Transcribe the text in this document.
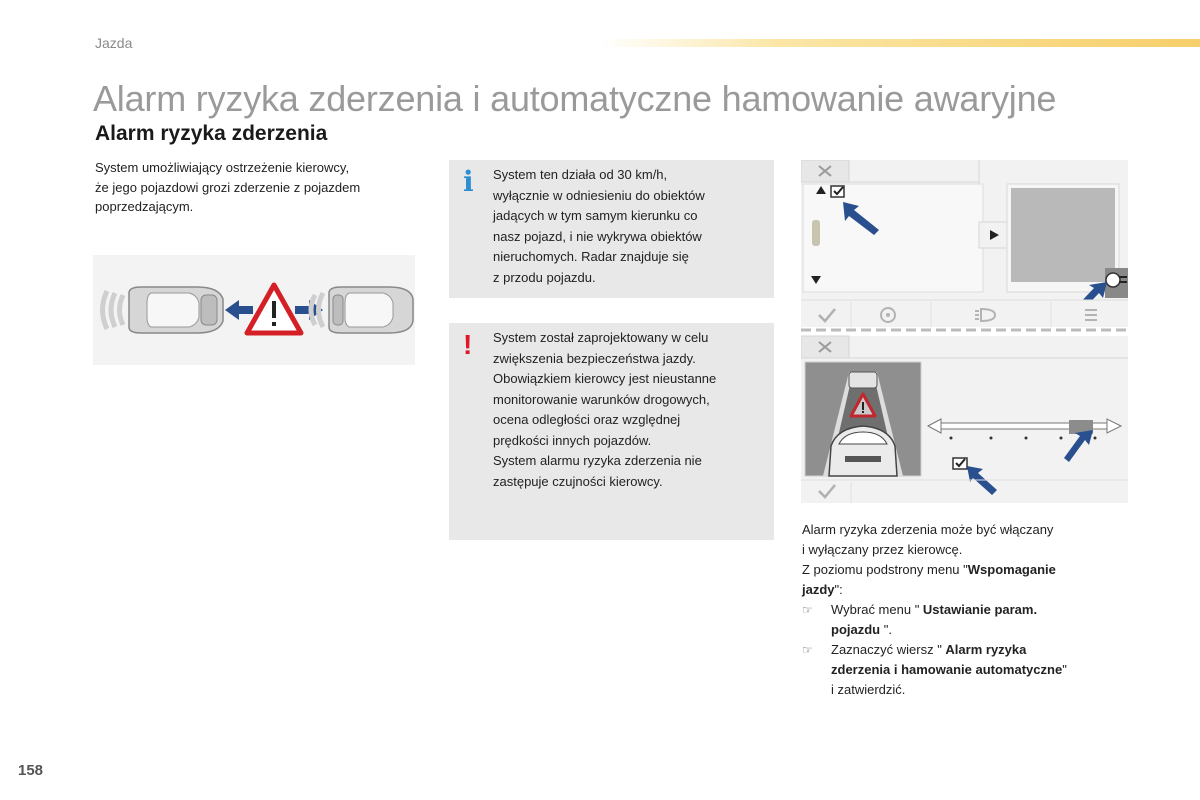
Jazda
Alarm ryzyka zderzenia i automatyczne hamowanie awaryjne
Alarm ryzyka zderzenia

System umożliwiający ostrzeżenie kierowcy,

że jego pojazdowi grozi zderzenie z pojazdem

poprzedzającym.

i System ten działa od 30 km/h,

wyłącznie w odniesieniu do obiektów

jadących w tym samym kierunku co

nasz pojazd, i nie wykrywa obiektów

nieruchomych. Radar znajduje się

z przodu pojazdu.

! System został zaprojektowany w celu

zwiększenia bezpieczeństwa jazdy.

Obowiązkiem kierowcy jest nieustanne

monitorowanie warunków drogowych,

ocena odległości oraz względnej

prędkości innych pojazdów.

System alarmu ryzyka zderzenia nie

zastępuje czujności kierowcy.

Alarm ryzyka zderzenia może być włączany

i wyłączany przez kierowcę.

Z poziomu podstrony menu "Wspomaganie

jazdy":

☞ Wybrać menu " Ustawianie param.

pojazdu ".

☞ Zaznaczyć wiersz " Alarm ryzyka

zderzenia i hamowanie automatyczne"

i zatwierdzić.

158
